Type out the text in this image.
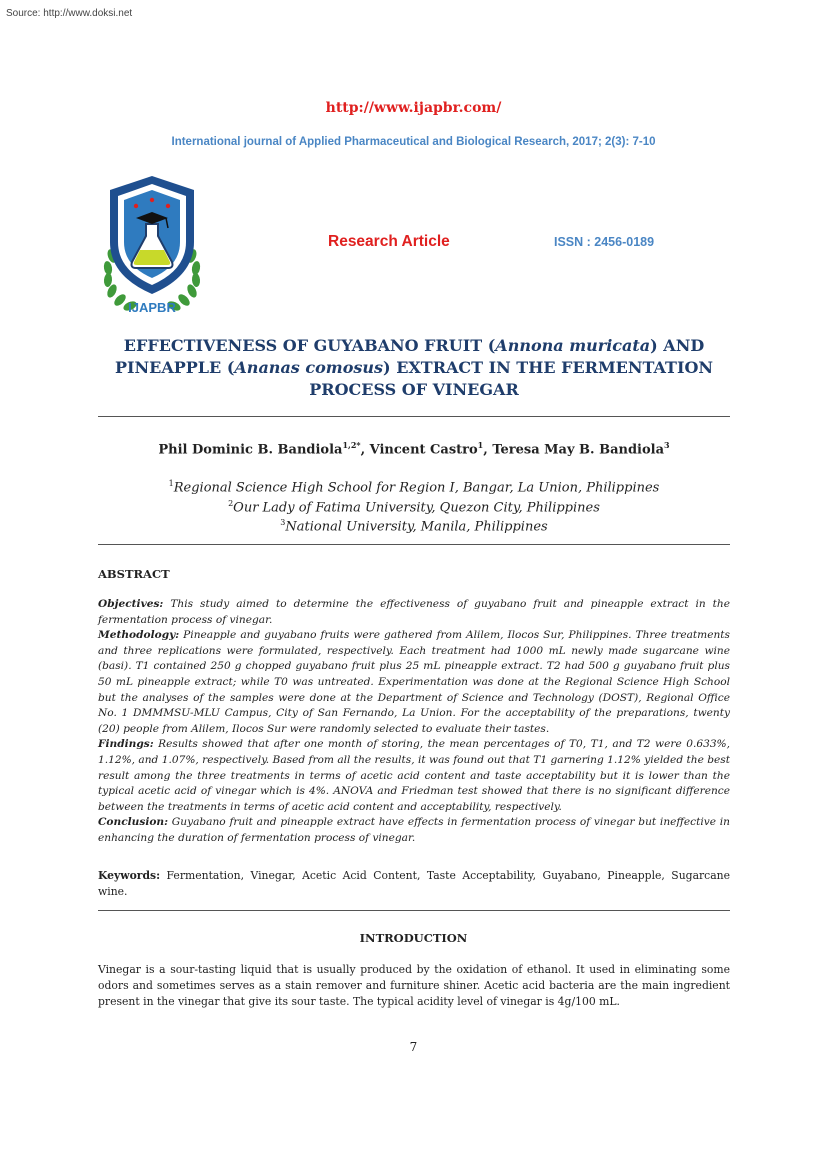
Source: http://www.doksi.net
http://www.ijapbr.com/
International journal of Applied Pharmaceutical and Biological Research, 2017; 2(3): 7-10
IJAPBR
Research Article	ISSN : 2456-0189
EFFECTIVENESS OF GUYABANO FRUIT (Annona muricata) AND PINEAPPLE (Ananas comosus) EXTRACT IN THE FERMENTATION PROCESS OF VINEGAR
Phil Dominic B. Bandiola$^{1,2*}$, Vincent Castro$^1$, Teresa May B. Bandiola$^3$
$^1$Regional Science High School for Region I, Bangar, La Union, Philippines
$^2$Our Lady of Fatima University, Quezon City, Philippines
$^3$National University, Manila, Philippines
ABSTRACT

Objectives: This study aimed to determine the effectiveness of guyabano fruit and pineapple extract in the fermentation process of vinegar.

Methodology: Pineapple and guyabano fruits were gathered from Alilem, Ilocos Sur, Philippines. Three treatments and three replications were formulated, respectively. Each treatment had 1000 mL newly made sugarcane wine (basi). T1 contained 250 g chopped guyabano fruit plus 25 mL pineapple extract. T2 had 500 g guyabano fruit plus 50 mL pineapple extract; while T0 was untreated. Experimentation was done at the Regional Science High School but the analyses of the samples were done at the Department of Science and Technology (DOST), Regional Office No. 1 DMMMSU-MLU Campus, City of San Fernando, La Union. For the acceptability of the preparations, twenty (20) people from Alilem, Ilocos Sur were randomly selected to evaluate their tastes.

Findings: Results showed that after one month of storing, the mean percentages of T0, T1, and T2 were 0.633%, 1.12%, and 1.07%, respectively. Based from all the results, it was found out that T1 garnering 1.12% yielded the best result among the three treatments in terms of acetic acid content and taste acceptability but it is lower than the typical acetic acid of vinegar which is 4%. ANOVA and Friedman test showed that there is no significant difference between the treatments in terms of acetic acid content and acceptability, respectively.

Conclusion: Guyabano fruit and pineapple extract have effects in fermentation process of vinegar but ineffective in enhancing the duration of fermentation process of vinegar.

Keywords: Fermentation, Vinegar, Acetic Acid Content, Taste Acceptability, Guyabano, Pineapple, Sugarcane wine.
INTRODUCTION
Vinegar is a sour-tasting liquid that is usually produced by the oxidation of ethanol. It used in eliminating some odors and sometimes serves as a stain remover and furniture shiner. Acetic acid bacteria are the main ingredient present in the vinegar that give its sour taste. The typical acidity level of vinegar is 4g/100 mL.
7
